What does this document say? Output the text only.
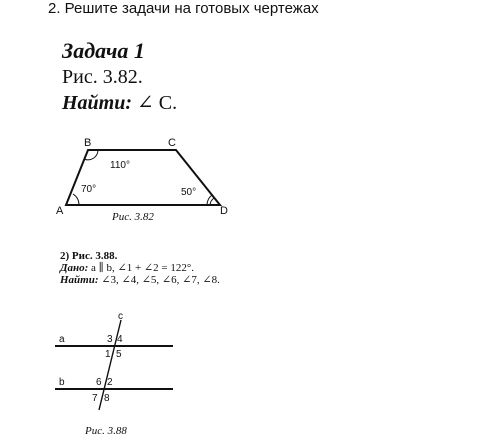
2. Решите задачи на готовых чертежах
Задача 1
Рис. 3.82.
Найти: ∠ C.
B	C
A	D
110°
70°	50°
Рис. 3.82
2) Рис. 3.88.
Дано: a ∥ b, ∠1 + ∠2 = 122°.
Найти: ∠3, ∠4, ∠5, ∠6, ∠7, ∠8.
c
a
b
3 4
1 5
6 2
7 8
Рис. 3.88
